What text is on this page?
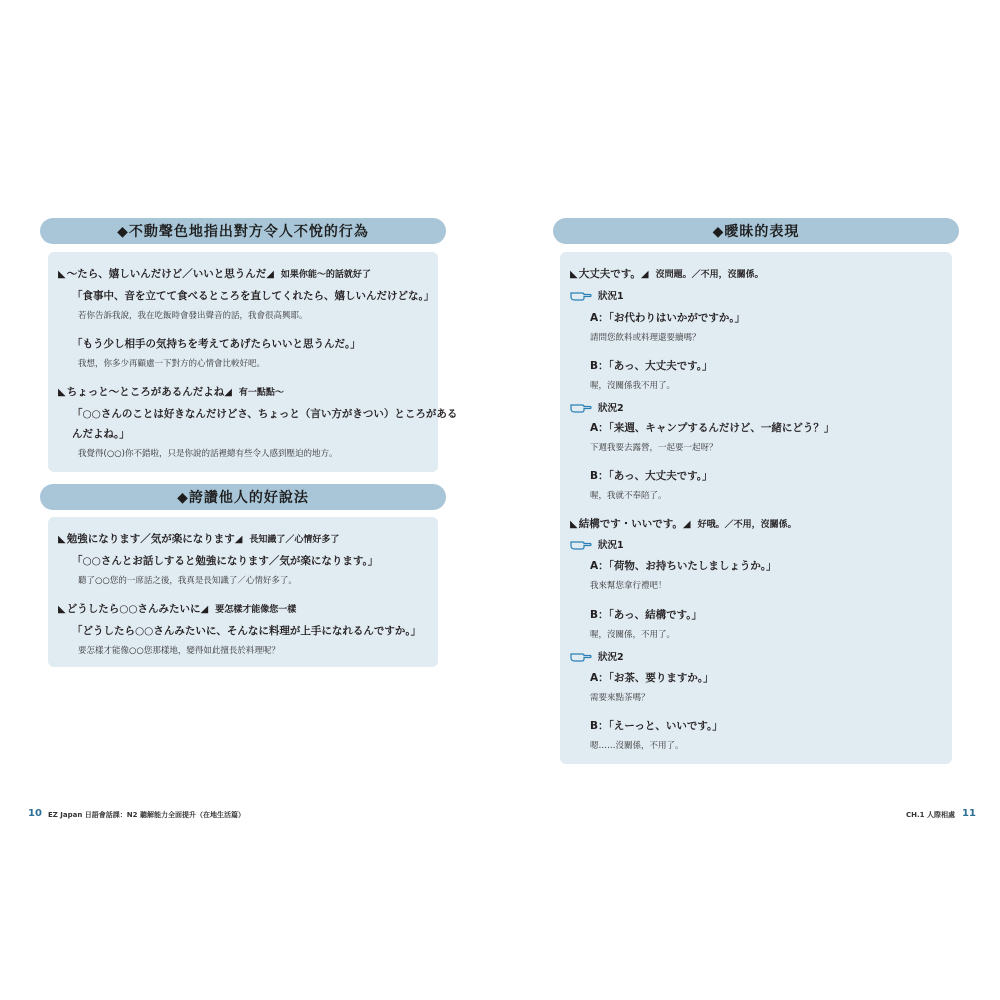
◆不動聲色地指出對方令人不悅的行為
◣～たら、嬉しいんだけど／いいと思うんだ◢ 如果你能～的話就好了
「食事中、音を立てて食べるところを直してくれたら、嬉しいんだけどな。」
若你告訴我說，我在吃飯時會發出聲音的話，我會很高興耶。
「もう少し相手の気持ちを考えてあげたらいいと思うんだ。」
我想，你多少再顧慮一下對方的心情會比較好吧。
◣ちょっと～ところがあるんだよね◢ 有一點點～
「○○さんのことは好きなんだけどさ、ちょっと（言い方がきつい）ところがある
んだよね。」
我覺得(○○)你不錯啦，只是你說的話裡總有些令人感到壓迫的地方。
◆誇讚他人的好說法
◣勉強になります／気が楽になります◢ 長知識了／心情好多了
「○○さんとお話しすると勉強になります／気が楽になります。」
聽了○○您的一席話之後，我真是長知識了／心情好多了。
◣どうしたら○○さんみたいに◢ 要怎樣才能像您一樣
「どうしたら○○さんみたいに、そんなに料理が上手になれるんですか。」
要怎樣才能像○○您那樣地，變得如此擅長於料理呢？
10 EZ Japan 日語會話課：N2 聽解能力全面提升（在地生活篇）
◆曖昧的表現
◣大丈夫です。◢ 沒問題。／不用，沒關係。
狀況1
A：「お代わりはいかがですか。」
請問您飲料或料理還要續嗎？
B：「あっ、大丈夫です。」
喔，沒關係我不用了。
狀況2
A：「来週、キャンプするんだけど、一緒にどう？」
下週我要去露營，一起要一起呀？
B：「あっ、大丈夫です。」
喔，我就不奉陪了。
◣結構です・いいです。◢ 好哦。／不用，沒關係。
狀況1
A：「荷物、お持ちいたしましょうか。」
我來幫您拿行禮吧！
B：「あっ、結構です。」
喔，沒關係，不用了。
狀況2
A：「お茶、要りますか。」
需要來點茶嗎？
B：「えーっと、いいです。」
嗯……沒關係，不用了。
CH.1 人際相處 11
